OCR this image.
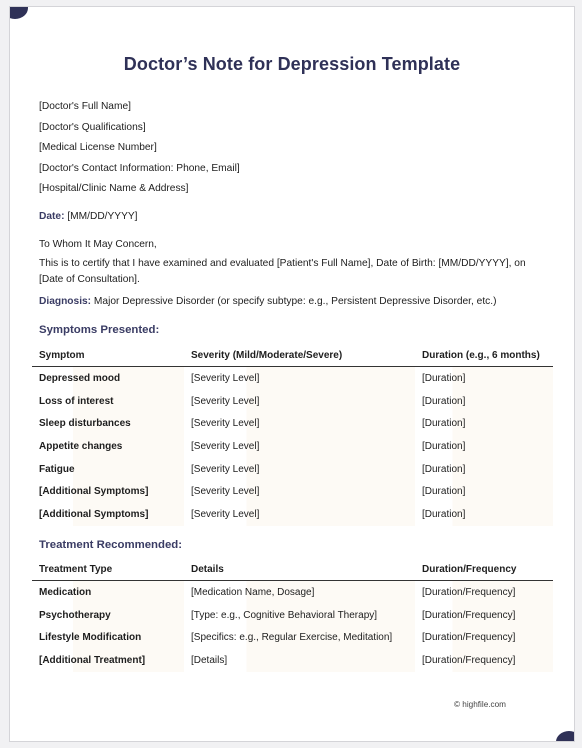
Doctor’s Note for Depression Template
[Doctor's Full Name]
[Doctor's Qualifications]
[Medical License Number]
[Doctor's Contact Information: Phone, Email]
[Hospital/Clinic Name & Address]
Date: [MM/DD/YYYY]
To Whom It May Concern,
This is to certify that I have examined and evaluated [Patient's Full Name], Date of Birth: [MM/DD/YYYY], on [Date of Consultation].
Diagnosis: Major Depressive Disorder (or specify subtype: e.g., Persistent Depressive Disorder, etc.)
Symptoms Presented:
Symptom	Severity (Mild/Moderate/Severe)	Duration (e.g., 6 months)
Depressed mood	[Severity Level]	[Duration]
Loss of interest	[Severity Level]	[Duration]
Sleep disturbances	[Severity Level]	[Duration]
Appetite changes	[Severity Level]	[Duration]
Fatigue	[Severity Level]	[Duration]
[Additional Symptoms]	[Severity Level]	[Duration]
[Additional Symptoms]	[Severity Level]	[Duration]
Treatment Recommended:
Treatment Type	Details	Duration/Frequency
Medication	[Medication Name, Dosage]	[Duration/Frequency]
Psychotherapy	[Type: e.g., Cognitive Behavioral Therapy]	[Duration/Frequency]
Lifestyle Modification	[Specifics: e.g., Regular Exercise, Meditation]	[Duration/Frequency]
[Additional Treatment]	[Details]	[Duration/Frequency]
© highfile.com
